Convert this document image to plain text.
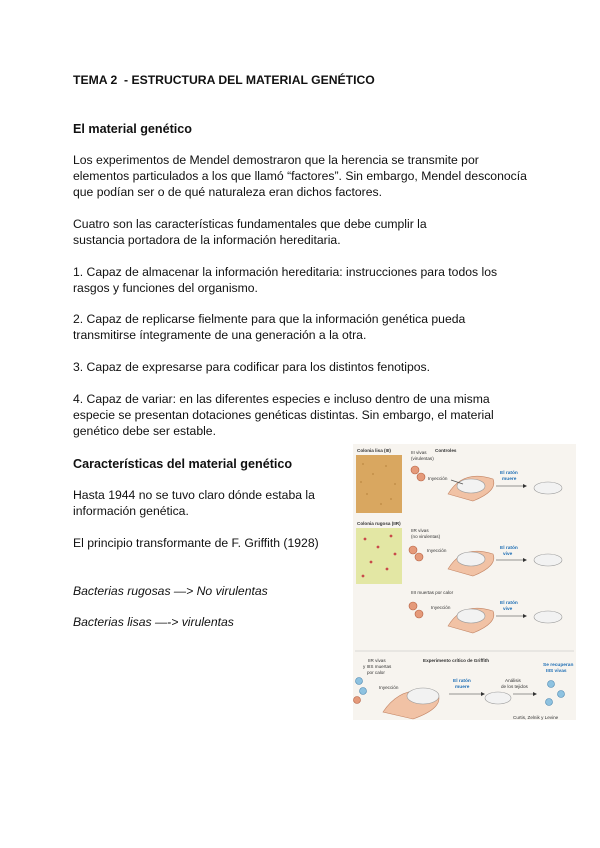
TEMA 2  - ESTRUCTURA DEL MATERIAL GENÉTICO
El material genético
Los experimentos de Mendel demostraron que la herencia se transmite por
elementos particulados a los que llamó “factores”. Sin embargo, Mendel desconocía
que podían ser o de qué naturaleza eran dichos factores.
Cuatro son las características fundamentales que debe cumplir la
sustancia portadora de la información hereditaria.
1. Capaz de almacenar la información hereditaria: instrucciones para todos los
rasgos y funciones del organismo.
2. Capaz de replicarse fielmente para que la información genética pueda
transmitirse íntegramente de una generación a la otra.
3. Capaz de expresarse para codificar para los distintos fenotipos.
4. Capaz de variar: en las diferentes especies e incluso dentro de una misma
especie se presentan dotaciones genéticas distintas. Sin embargo, el material
genético debe ser estable.
Características del material genético
Hasta 1944 no se tuvo claro dónde estaba la
información genética.
El principio transformante de F. Griffith (1928)
Bacterias rugosas —> No virulentas
Bacterias lisas —-> virulentas
Colonia lisa (III)	Controles
III vivas
(virulentas)
Inyección
El ratón
muere
Colonia rugosa (IIR)
IIR vivas
(no virulentas)
Inyección	El ratón
vive
IIII muertas por calor
Inyección
El ratón
vive
Experimento crítico de Griffith
IIR vivas
y IIIS muertas
por calor
Inyección
El ratón
muere
Análisis
de los tejidos
Se recuperan
IIIS vivas
Curtis, Zelnik y Levine
